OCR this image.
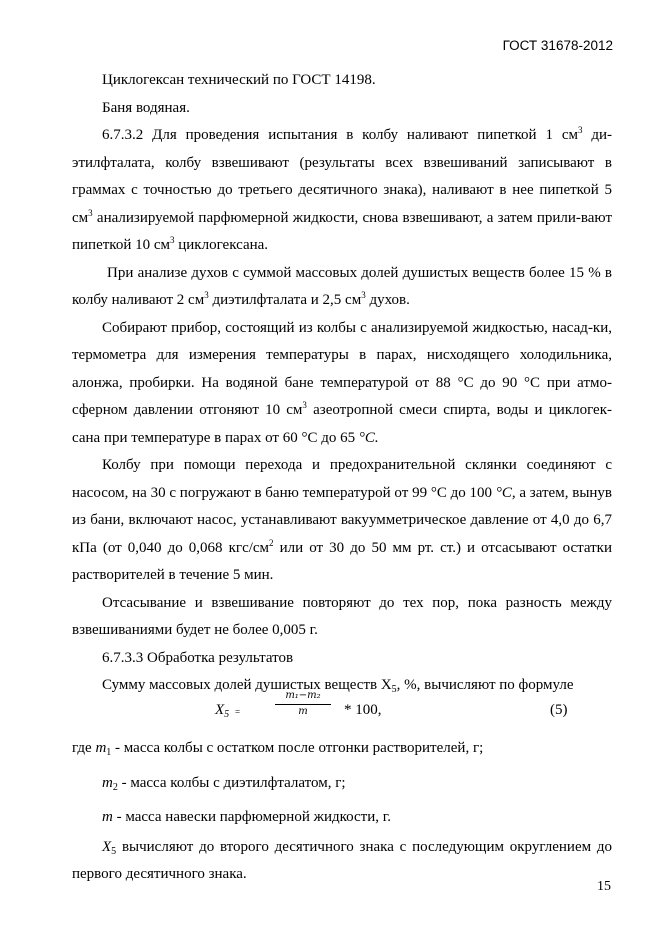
ГОСТ 31678-2012

Циклогексан технический по ГОСТ 14198.

Баня водяная.

6.7.3.2 Для проведения испытания в колбу наливают пипеткой 1 $см^3$ ди-этилфталата, колбу взвешивают (результаты всех взвешиваний записывают в граммах с точностью до третьего десятичного знака), наливают в нее пипеткой 5 $см^3$ анализируемой парфюмерной жидкости, снова взвешивают, а затем прили-вают пипеткой 10 $см^3$ циклогексана.

При анализе духов с суммой массовых долей душистых веществ более 15 % в колбу наливают 2 $см^3$ диэтилфталата и 2,5 $см^3$ духов.

Собирают прибор, состоящий из колбы с анализируемой жидкостью, насад-ки, термометра для измерения температуры в парах, нисходящего холодильника, алонжа, пробирки. На водяной бане температурой от 88 °С до 90 °С при атмо-сферном давлении отгоняют 10 $см^3$ азеотропной смеси спирта, воды и циклогек-сана при температуре в парах от 60 °С до 65 °С.

Колбу при помощи перехода и предохранительной склянки соединяют с насосом, на 30 с погружают в баню температурой от 99 °С до 100 °С, а затем, вынув из бани, включают насос, устанавливают вакуумметрическое давление от 4,0 до 6,7 кПа (от 0,040 до 0,068 кгс/$см^2$ или от 30 до 50 мм рт. ст.) и отсасывают остатки растворителей в течение 5 мин.

Отсасывание и взвешивание повторяют до тех пор, пока разность между взвешиваниями будет не более 0,005 г.

6.7.3.3 Обработка результатов

Сумму массовых долей душистых веществ $X_5$, %, вычисляют по формуле

$X_5$ =	$\frac{\text{m₁−m₂}}{m} * 100$,	(5)

где $m_1$ - масса колбы с остатком после отгонки растворителей, г;

$m_2$ - масса колбы с диэтилфталатом, г;

m - масса навески парфюмерной жидкости, г.

$X_5$ вычисляют до второго десятичного знака с последующим округлением до первого десятичного знака.

15
